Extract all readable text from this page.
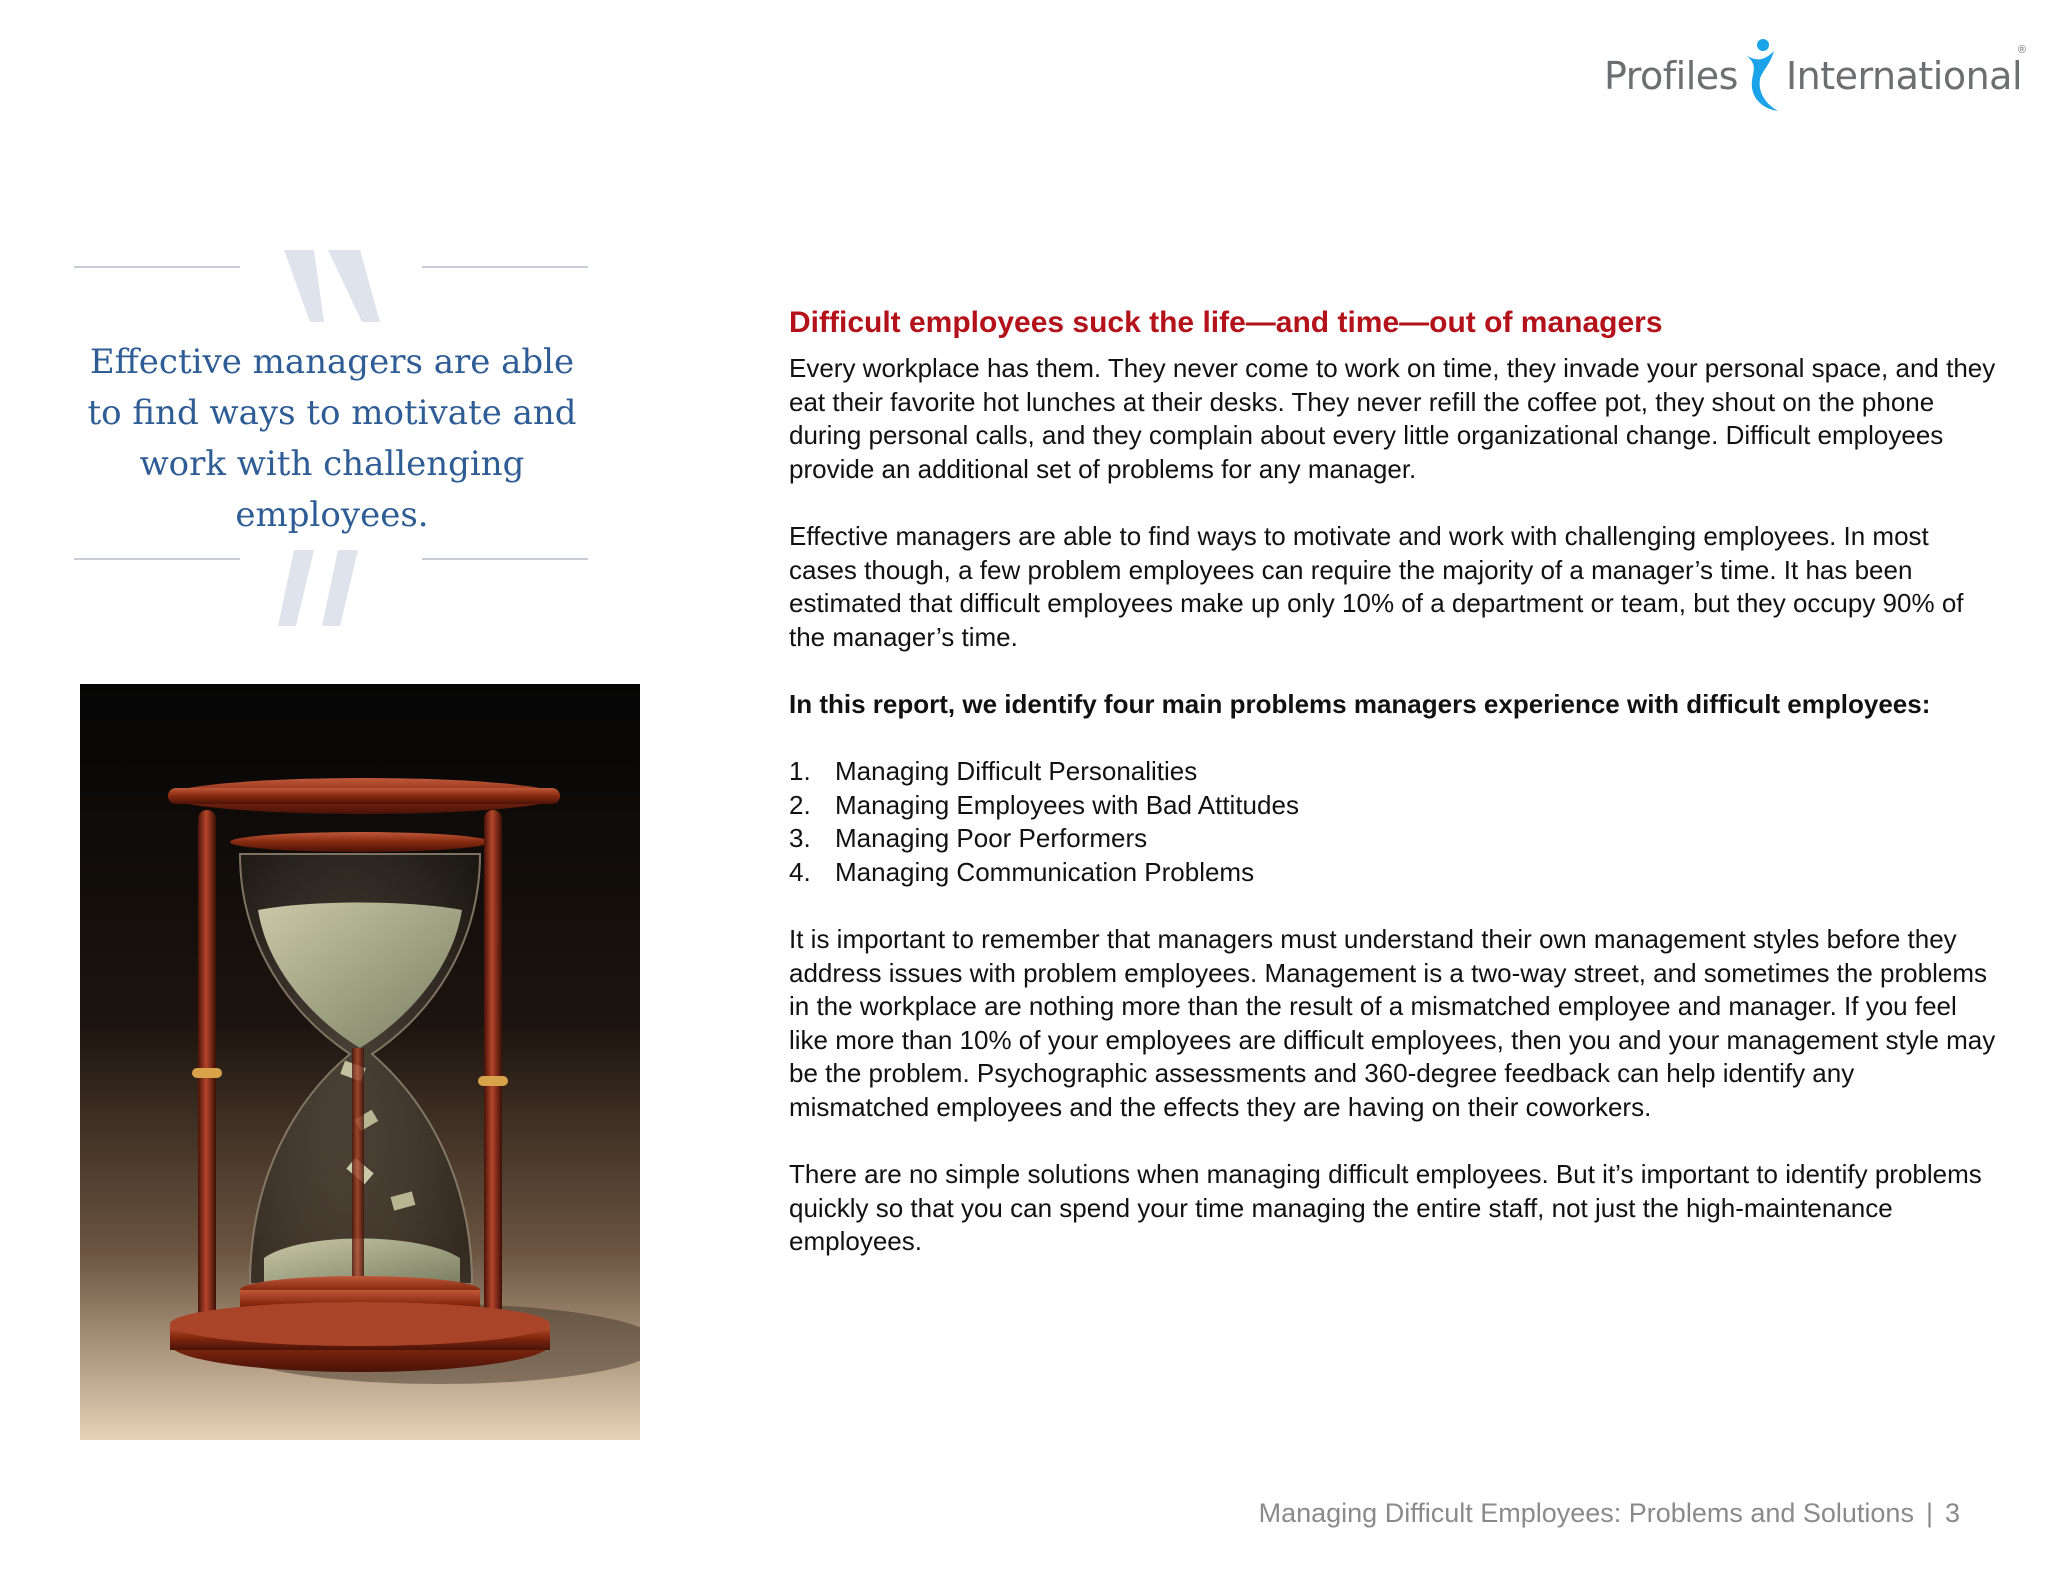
Profiles International
®
Effective managers are able to find ways to motivate and work with challenging employees.
Difficult employees suck the life—and time—out of managers

Every workplace has them. They never come to work on time, they invade your personal space, and they eat their favorite hot lunches at their desks. They never refill the coffee pot, they shout on the phone during personal calls, and they complain about every little organizational change. Difficult employees provide an additional set of problems for any manager.

Effective managers are able to find ways to motivate and work with challenging employees. In most cases though, a few problem employees can require the majority of a manager’s time. It has been estimated that difficult employees make up only 10% of a department or team, but they occupy 90% of the manager’s time.

In this report, we identify four main problems managers experience with difficult employees:

1. Managing Difficult Personalities
2. Managing Employees with Bad Attitudes
3. Managing Poor Performers
4. Managing Communication Problems

It is important to remember that managers must understand their own management styles before they address issues with problem employees. Management is a two-way street, and sometimes the problems in the workplace are nothing more than the result of a mismatched employee and manager. If you feel like more than 10% of your employees are difficult employees, then you and your management style may be the problem. Psychographic assessments and 360-degree feedback can help identify any mismatched employees and the effects they are having on their coworkers.

There are no simple solutions when managing difficult employees. But it’s important to identify problems quickly so that you can spend your time managing the entire staff, not just the high-maintenance employees.

Managing Difficult Employees: Problems and Solutions | 3
